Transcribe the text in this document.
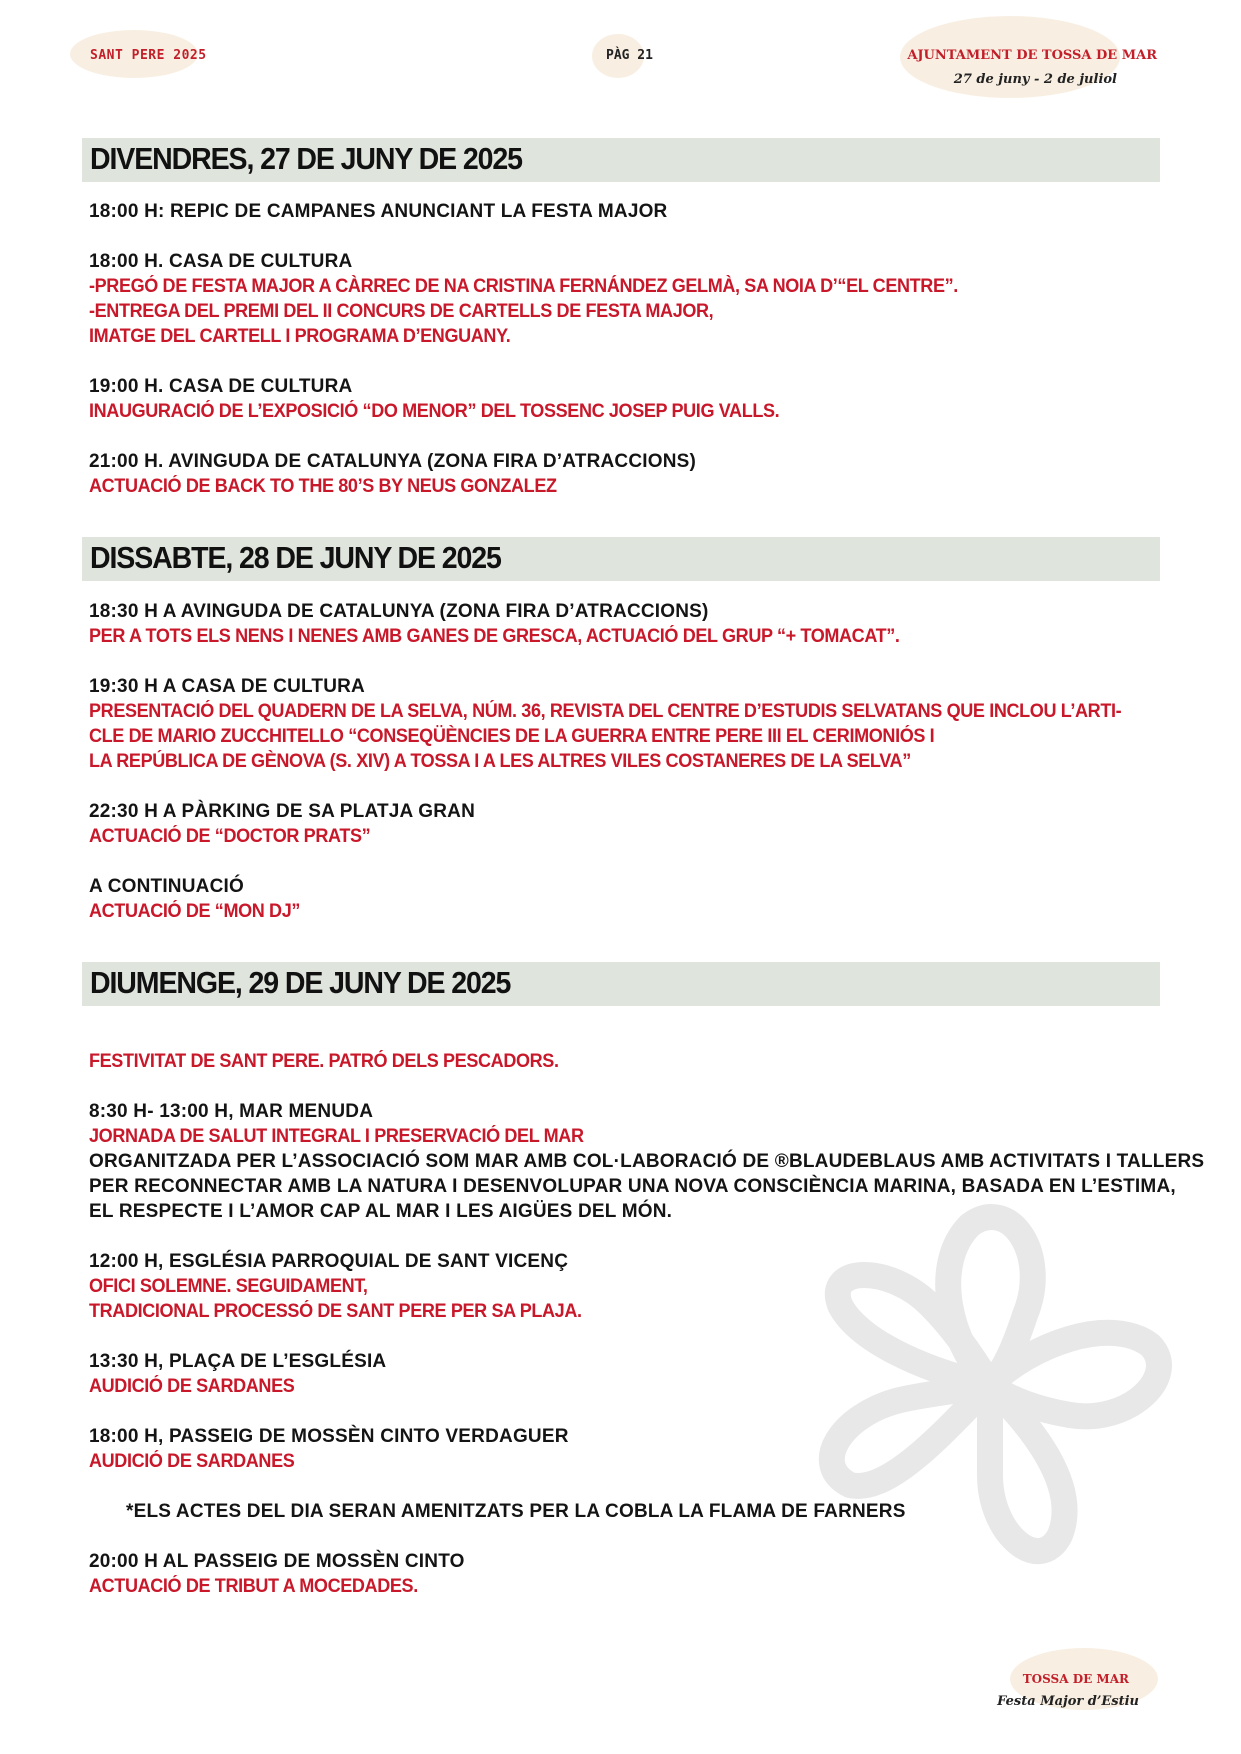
SANT PERE 2025	PÀG 21	AJUNTAMENT DE TOSSA DE MAR
27 de juny - 2 de juliol
DIVENDRES, 27 DE JUNY DE 2025
18:00 H: REPIC DE CAMPANES ANUNCIANT LA FESTA MAJOR
18:00 H. CASA DE CULTURA
-PREGÓ DE FESTA MAJOR A CÀRREC DE NA CRISTINA FERNÁNDEZ GELMÀ, SA NOIA D’“EL CENTRE”.
-ENTREGA DEL PREMI DEL II CONCURS DE CARTELLS DE FESTA MAJOR,
IMATGE DEL CARTELL I PROGRAMA D’ENGUANY.
19:00 H. CASA DE CULTURA
INAUGURACIÓ DE L’EXPOSICIÓ “DO MENOR” DEL TOSSENC JOSEP PUIG VALLS.
21:00 H. AVINGUDA DE CATALUNYA (ZONA FIRA D’ATRACCIONS)
ACTUACIÓ DE BACK TO THE 80’S BY NEUS GONZALEZ
DISSABTE, 28 DE JUNY DE 2025
18:30 H A AVINGUDA DE CATALUNYA (ZONA FIRA D’ATRACCIONS)
PER A TOTS ELS NENS I NENES AMB GANES DE GRESCA, ACTUACIÓ DEL GRUP “+ TOMACAT”.
19:30 H A CASA DE CULTURA
PRESENTACIÓ DEL QUADERN DE LA SELVA, NÚM. 36, REVISTA DEL CENTRE D’ESTUDIS SELVATANS QUE INCLOU L’ARTI-
CLE DE MARIO ZUCCHITELLO “CONSEQÜÈNCIES DE LA GUERRA ENTRE PERE III EL CERIMONIÓS I
LA REPÚBLICA DE GÈNOVA (S. XIV) A TOSSA I A LES ALTRES VILES COSTANERES DE LA SELVA”
22:30 H A PÀRKING DE SA PLATJA GRAN
ACTUACIÓ DE “DOCTOR PRATS”
A CONTINUACIÓ
ACTUACIÓ DE “MON DJ”
DIUMENGE, 29 DE JUNY DE 2025
FESTIVITAT DE SANT PERE. PATRÓ DELS PESCADORS.
8:30 H- 13:00 H, MAR MENUDA
JORNADA DE SALUT INTEGRAL I PRESERVACIÓ DEL MAR
ORGANITZADA PER L’ASSOCIACIÓ SOM MAR AMB COL·LABORACIÓ DE ®BLAUDEBLAUS AMB ACTIVITATS I TALLERS
PER RECONNECTAR AMB LA NATURA I DESENVOLUPAR UNA NOVA CONSCIÈNCIA MARINA, BASADA EN L’ESTIMA,
EL RESPECTE I L’AMOR CAP AL MAR I LES AIGÜES DEL MÓN.
12:00 H, ESGLÉSIA PARROQUIAL DE SANT VICENÇ
OFICI SOLEMNE. SEGUIDAMENT,
TRADICIONAL PROCESSÓ DE SANT PERE PER SA PLAJA.
13:30 H, PLAÇA DE L’ESGLÉSIA
AUDICIÓ DE SARDANES
18:00 H, PASSEIG DE MOSSÈN CINTO VERDAGUER
AUDICIÓ DE SARDANES
*ELS ACTES DEL DIA SERAN AMENITZATS PER LA COBLA LA FLAMA DE FARNERS
20:00 H AL PASSEIG DE MOSSÈN CINTO
ACTUACIÓ DE TRIBUT A MOCEDADES.
TOSSA DE MAR
Festa Major d’Estiu
